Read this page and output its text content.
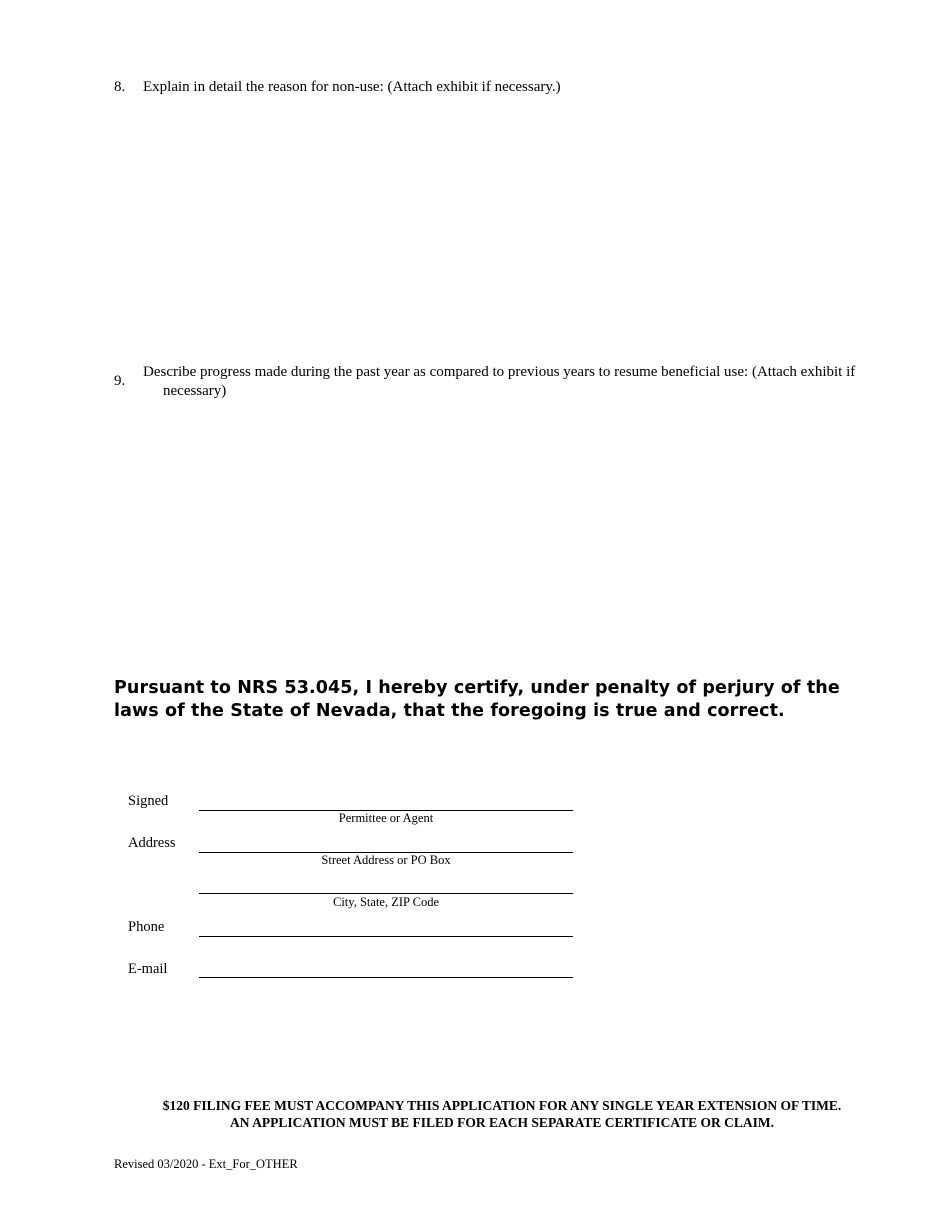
8. Explain in detail the reason for non-use: (Attach exhibit if necessary.)
9.
Describe progress made during the past year as compared to previous years to resume beneficial use: (Attach exhibit if
necessary)
Pursuant to NRS 53.045, I hereby certify, under penalty of perjury of the laws of the State of Nevada, that the foregoing is true and correct.
Signed
Permittee or Agent
Address
Street Address or PO Box
City, State, ZIP Code
Phone
E-mail
$120 FILING FEE MUST ACCOMPANY THIS APPLICATION FOR ANY SINGLE YEAR EXTENSION OF TIME.
AN APPLICATION MUST BE FILED FOR EACH SEPARATE CERTIFICATE OR CLAIM.
Revised 03/2020 - Ext_For_OTHER
